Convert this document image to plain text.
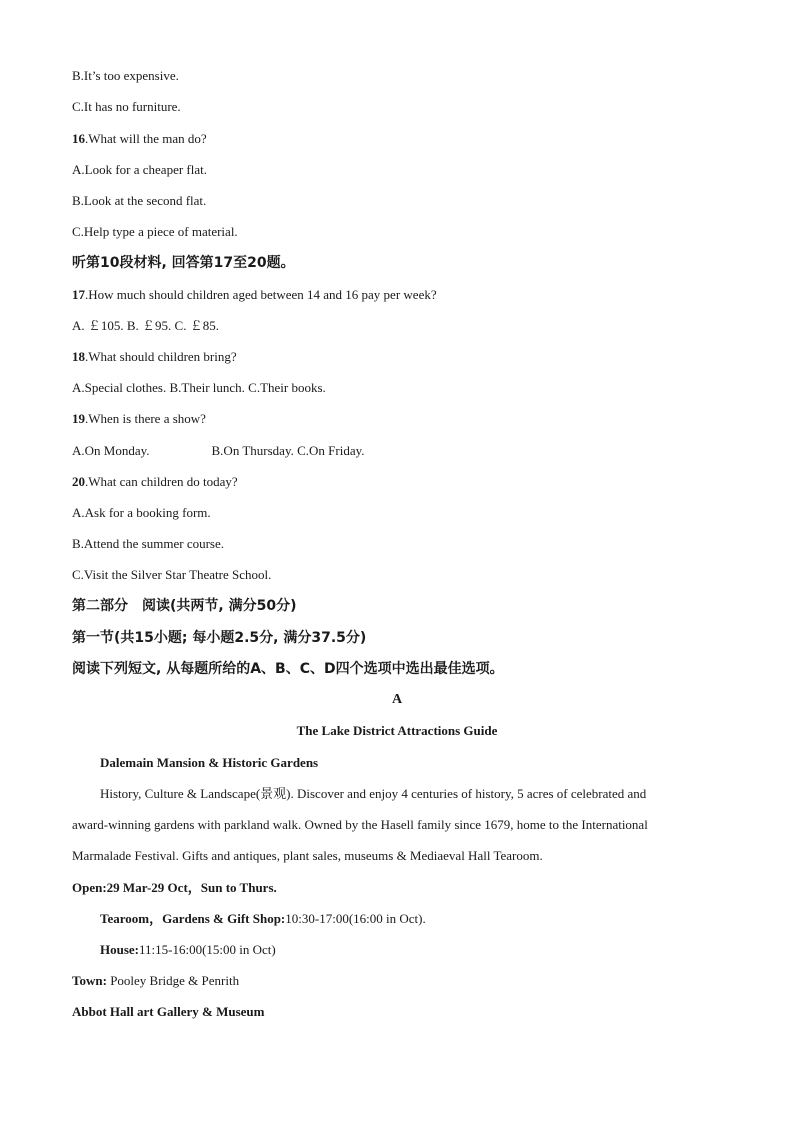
B.It’s too expensive.
C.It has no furniture.
16.What will the man do?
A.Look for a cheaper flat.
B.Look at the second flat.
C.Help type a piece of material.
听第10段材料, 回答第17至20题。
17.How much should children aged between 14 and 16 pay per week?
A. ￡105. B. ￡95. C. ￡85.
18.What should children bring?
A.Special clothes. B.Their lunch. C.Their books.
19.When is there a show?
A.On Monday.	B.On Thursday. C.On Friday.
20.What can children do today?
A.Ask for a booking form.
B.Attend the summer course.
C.Visit the Silver Star Theatre School.
第二部分　阅读(共两节, 满分50分)
第一节(共15小题; 每小题2.5分, 满分37.5分)
阅读下列短文, 从每题所给的A、B、C、D四个选项中选出最佳选项。
A
The Lake District Attractions Guide
Dalemain Mansion & Historic Gardens
History, Culture & Landscape(景观). Discover and enjoy 4 centuries of history, 5 acres of celebrated and
award-winning gardens with parkland walk. Owned by the Hasell family since 1679, home to the International
Marmalade Festival. Gifts and antiques, plant sales, museums & Mediaeval Hall Tearoom.
Open:29 Mar-29 Oct，Sun to Thurs.
Tearoom，Gardens & Gift Shop:10:30-17:00(16:00 in Oct).
House:11:15-16:00(15:00 in Oct)
Town: Pooley Bridge & Penrith
Abbot Hall art Gallery & Museum
